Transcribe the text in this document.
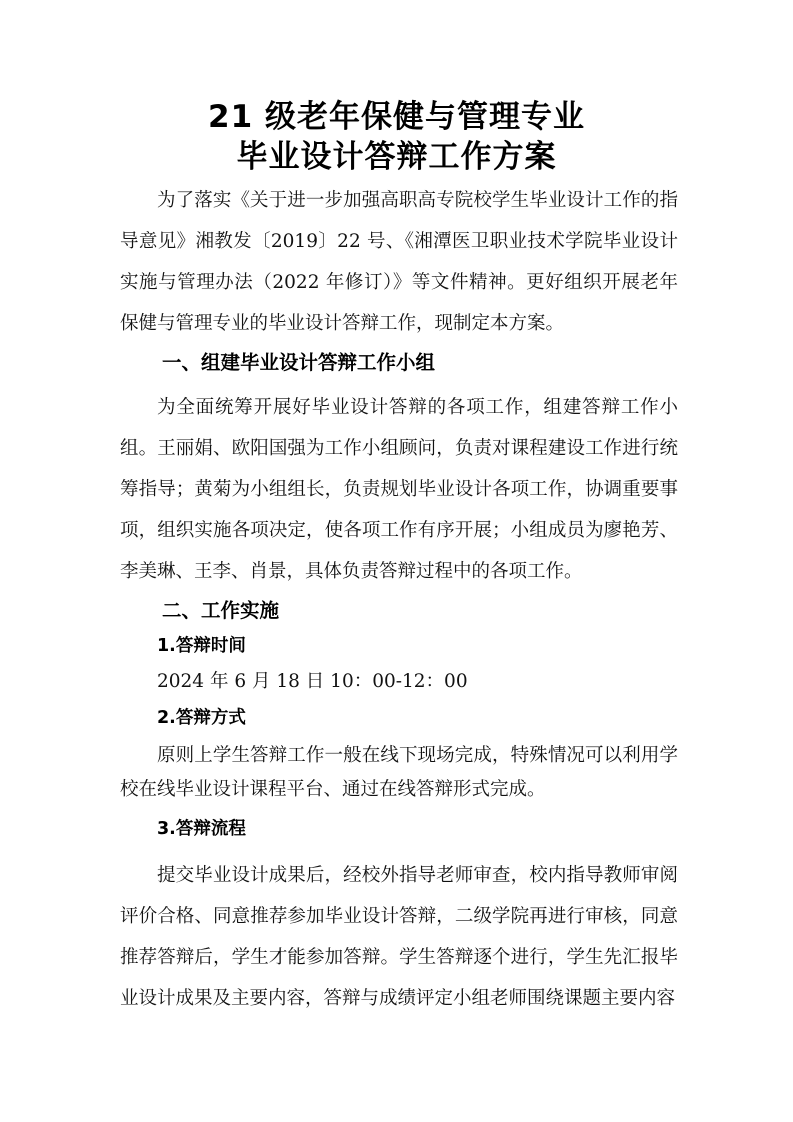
21 级老年保健与管理专业
毕业设计答辩工作方案

为了落实《关于进一步加强高职高专院校学生毕业设计工作的指导意见》湘教发〔2019〕22 号、《湘潭医卫职业技术学院毕业设计实施与管理办法（2022 年修订）》等文件精神。更好组织开展老年保健与管理专业的毕业设计答辩工作，现制定本方案。

一、组建毕业设计答辩工作小组

为全面统筹开展好毕业设计答辩的各项工作，组建答辩工作小组。王丽娟、欧阳国强为工作小组顾问，负责对课程建设工作进行统筹指导；黄菊为小组组长，负责规划毕业设计各项工作，协调重要事项，组织实施各项决定，使各项工作有序开展；小组成员为廖艳芳、李美琳、王李、肖景，具体负责答辩过程中的各项工作。

二、工作实施
1.答辩时间
2024 年 6 月 18 日 10：00-12：00
2.答辩方式

原则上学生答辩工作一般在线下现场完成，特殊情况可以利用学校在线毕业设计课程平台、通过在线答辩形式完成。

3.答辩流程

提交毕业设计成果后，经校外指导老师审查，校内指导教师审阅评价合格、同意推荐参加毕业设计答辩，二级学院再进行审核，同意推荐答辩后，学生才能参加答辩。学生答辩逐个进行，学生先汇报毕业设计成果及主要内容，答辩与成绩评定小组老师围绕课题主要内容
